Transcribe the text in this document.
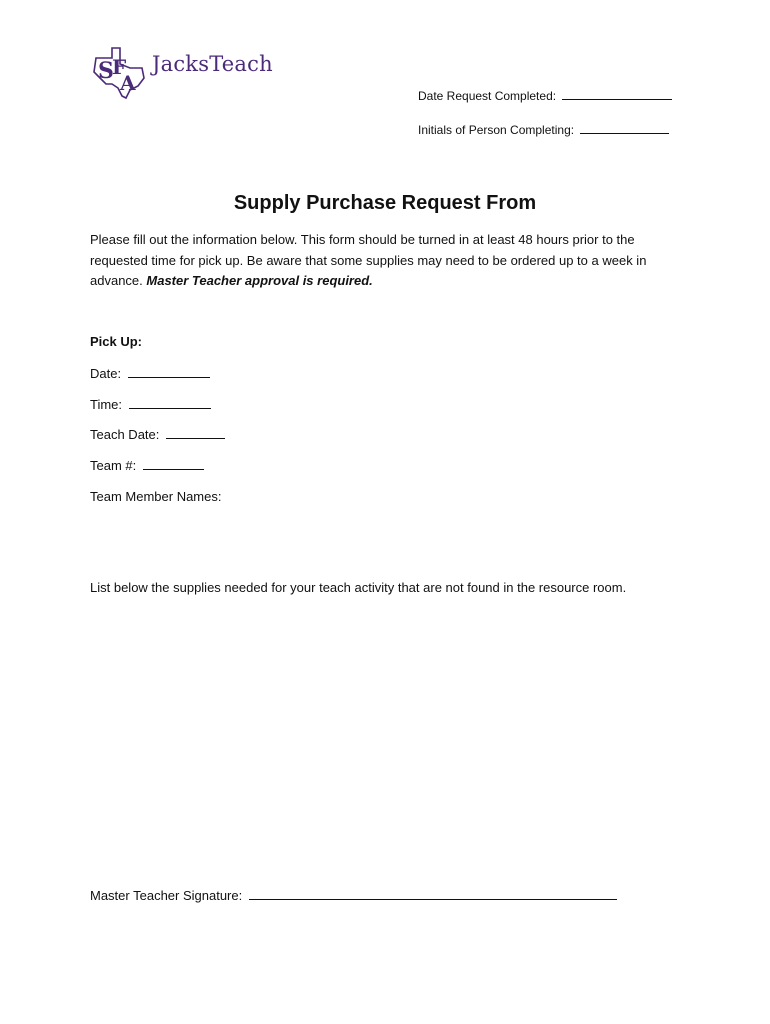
S
F
A
JacksTeach
Date Request Completed:
Initials of Person Completing:
Supply Purchase Request From
Please fill out the information below. This form should be turned in at least 48 hours prior to the requested time for pick up. Be aware that some supplies may need to be ordered up to a week in advance. Master Teacher approval is required.
Pick Up:
Date:
Time:
Teach Date:
Team #:
Team Member Names:
List below the supplies needed for your teach activity that are not found in the resource room.
Master Teacher Signature:
